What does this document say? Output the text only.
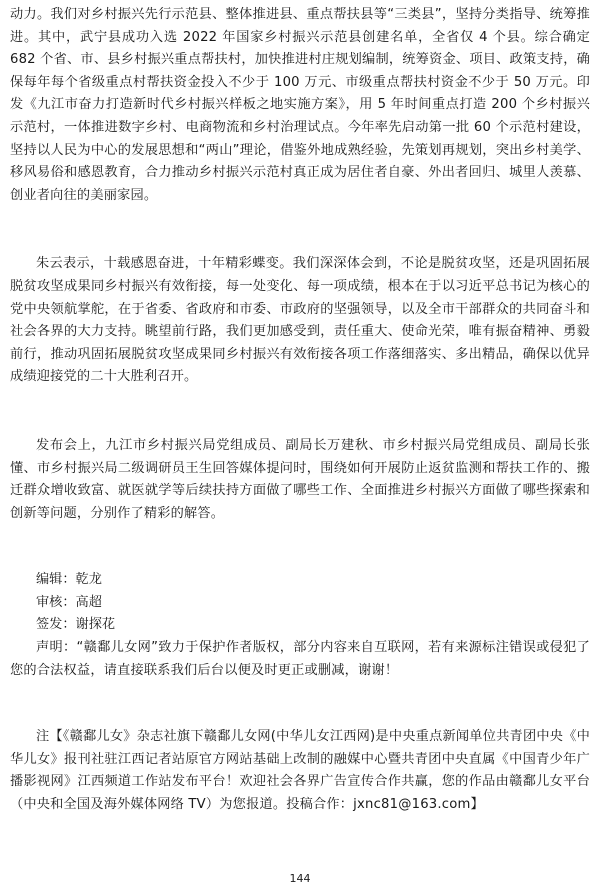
动力。我们对乡村振兴先行示范县、整体推进县、重点帮扶县等“三类县”，坚持分类指导、统筹推进。其中，武宁县成功入选 2022 年国家乡村振兴示范县创建名单，全省仅 4 个县。综合确定 682 个省、市、县乡村振兴重点帮扶村，加快推进村庄规划编制，统筹资金、项目、政策支持，确保每年每个省级重点村帮扶资金投入不少于 100 万元、市级重点帮扶村资金不少于 50 万元。印发《九江市奋力打造新时代乡村振兴样板之地实施方案》，用 5 年时间重点打造 200 个乡村振兴示范村，一体推进数字乡村、电商物流和乡村治理试点。今年率先启动第一批 60 个示范村建设，坚持以人民为中心的发展思想和“两山”理论，借鉴外地成熟经验，先策划再规划，突出乡村美学、移风易俗和感恩教育，合力推动乡村振兴示范村真正成为居住者自豪、外出者回归、城里人羡慕、创业者向往的美丽家园。

朱云表示，十载感恩奋进，十年精彩蝶变。我们深深体会到，不论是脱贫攻坚，还是巩固拓展脱贫攻坚成果同乡村振兴有效衔接，每一处变化、每一项成绩，根本在于以习近平总书记为核心的党中央领航掌舵，在于省委、省政府和市委、市政府的坚强领导，以及全市干部群众的共同奋斗和社会各界的大力支持。眺望前行路，我们更加感受到，责任重大、使命光荣，唯有振奋精神、勇毅前行，推动巩固拓展脱贫攻坚成果同乡村振兴有效衔接各项工作落细落实、多出精品，确保以优异成绩迎接党的二十大胜利召开。

发布会上，九江市乡村振兴局党组成员、副局长万建秋、市乡村振兴局党组成员、副局长张懂、市乡村振兴局二级调研员王生回答媒体提问时，围绕如何开展防止返贫监测和帮扶工作的、搬迁群众增收致富、就医就学等后续扶持方面做了哪些工作、全面推进乡村振兴方面做了哪些探索和创新等问题，分别作了精彩的解答。

编辑：乾龙

审核：高超

签发：谢探花

声明：“赣鄱儿女网”致力于保护作者版权，部分内容来自互联网，若有来源标注错误或侵犯了您的合法权益，请直接联系我们后台以便及时更正或删减，谢谢！

注【《赣鄱儿女》杂志社旗下赣鄱儿女网(中华儿女江西网)是中央重点新闻单位共青团中央《中华儿女》报刊社驻江西记者站原官方网站基础上改制的融媒中心暨共青团中央直属《中国青少年广播影视网》江西频道工作站发布平台！欢迎社会各界广告宣传合作共赢，您的作品由赣鄱儿女平台（中央和全国及海外媒体网络 TV）为您报道。投稿合作：jxnc81@163.com】

144
